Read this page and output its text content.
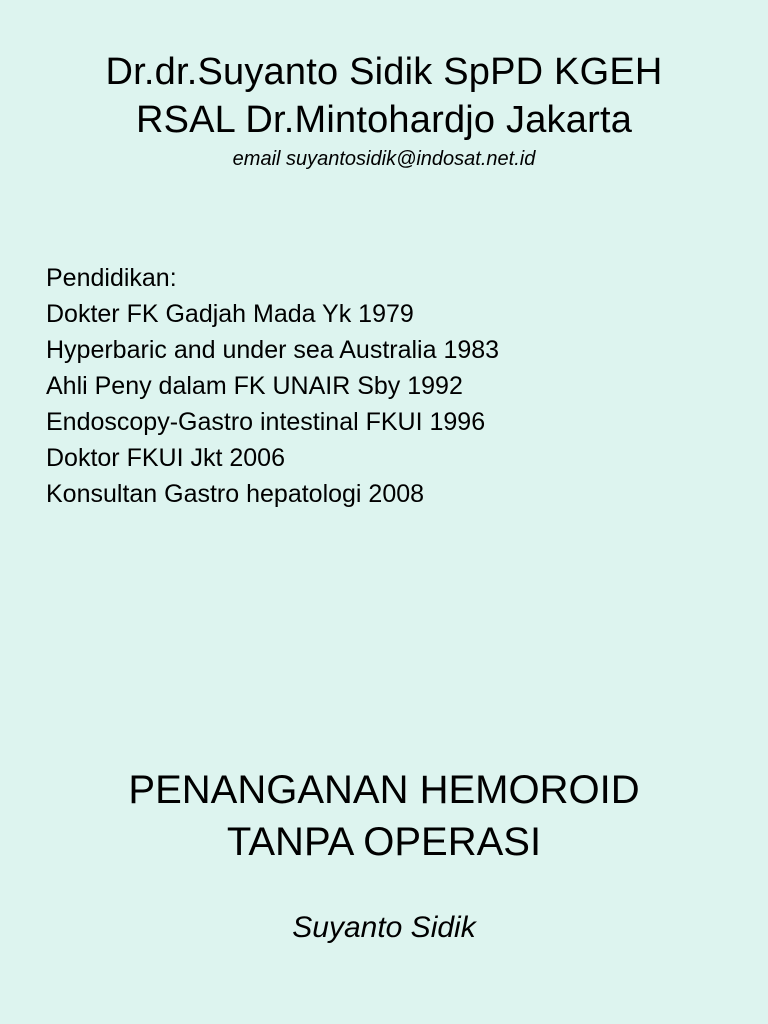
Dr.dr.Suyanto Sidik SpPD KGEH
RSAL Dr.Mintohardjo Jakarta
email suyantosidik@indosat.net.id
Pendidikan:
Dokter FK Gadjah Mada Yk 1979
Hyperbaric and under sea Australia 1983
Ahli Peny dalam FK UNAIR Sby 1992
Endoscopy-Gastro intestinal FKUI 1996
Doktor FKUI Jkt 2006
Konsultan Gastro hepatologi 2008
PENANGANAN HEMOROID
TANPA OPERASI
Suyanto Sidik
